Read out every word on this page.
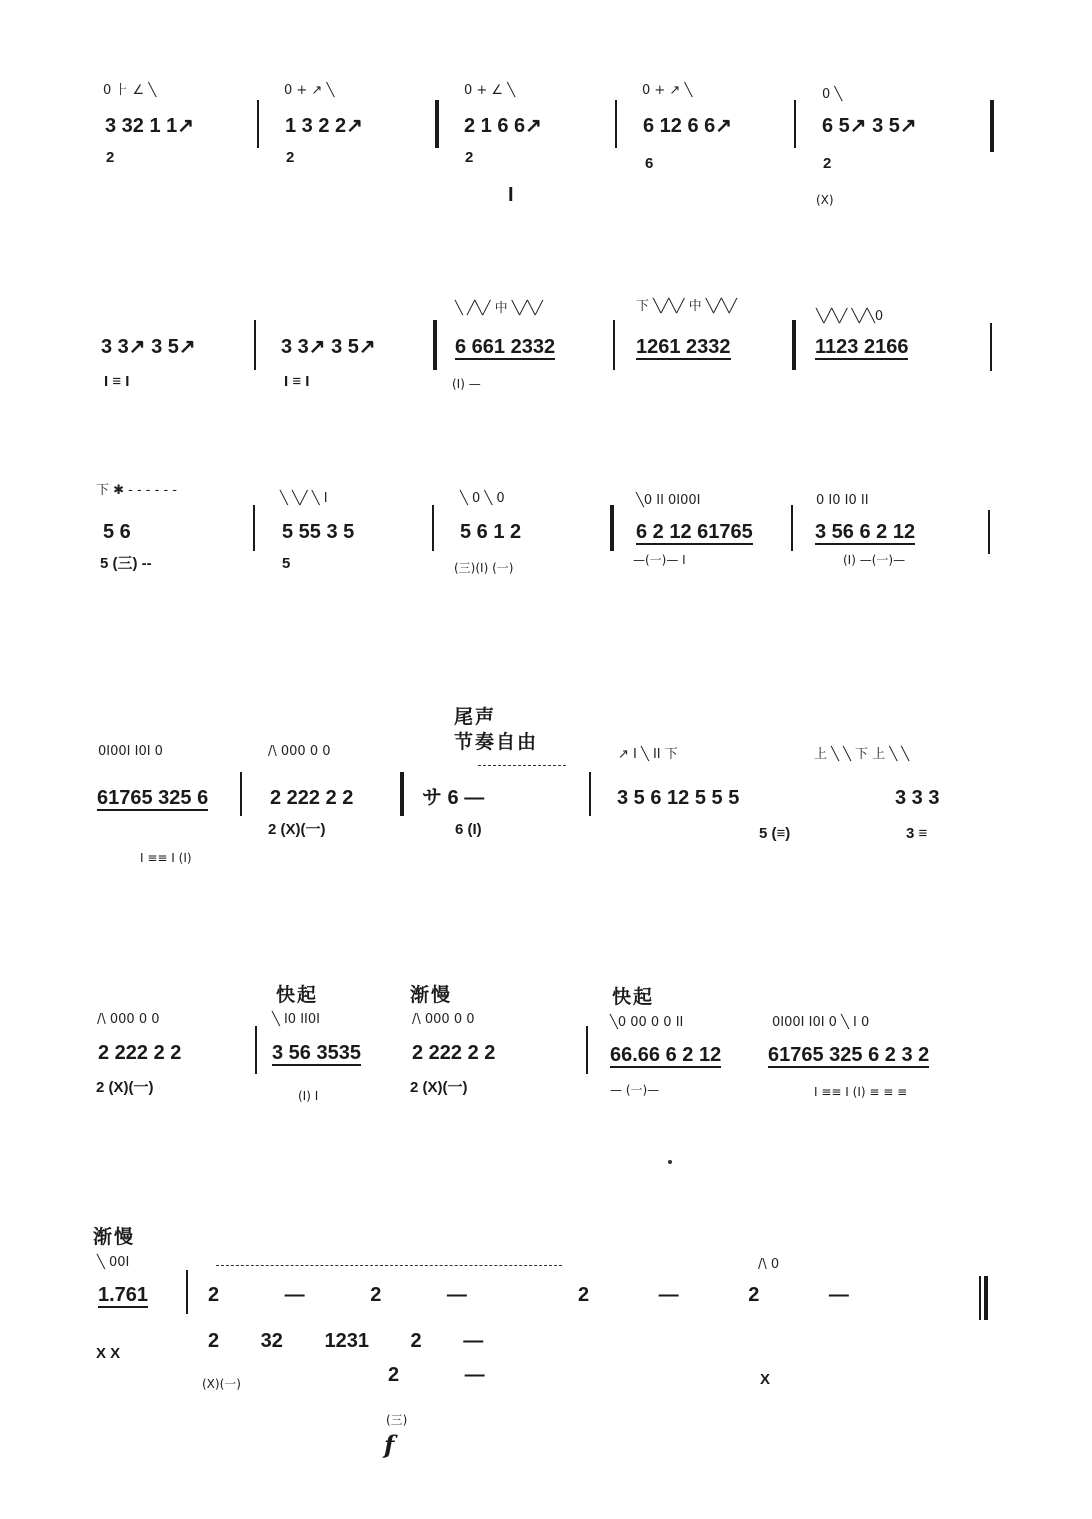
0 ⺊ ∠ ╲	0 + ↗ ╲	0 + ∠ ╲	0 + ↗ ╲	0 ╲
3 32 1 1↗	1 3 2 2↗	2 1 6 6↗	6 12 6 6↗	6 5↗ 3 5↗
2	2	2	6	2
(X)
I
╲ ╱╲╱ 中 ╲╱╲╱	下 ╲╱╲╱ 中 ╲╱╲╱
╲╱╲╱ ╲╱╲0
3 3↗ 3 5↗	3 3↗ 3 5↗	6 661 2332	1261 2332	1123 2166
I ≡ I	I ≡ I	(I) —
下 ✱ - - - - - -
╲ ╲╱ ╲ I	╲ 0 ╲ 0	╲0 II 0I00I	0 I0 I0 II
5 6	5 55 3 5	5 6 1 2	6 2 12 61765	3 56 6 2 12
5 (三) --	5	(三)(I) (一)
—(一)— I	(I) —(一)—
尾声
节奏自由
0I00I I0I 0	/\ 000 0 0	↗ I ╲ II 下	上 ╲ ╲ 下 上 ╲ ╲
61765 325 6	2 222 2 2	サ 6 —	3 5 6 12 5 5 5	3 3 3
I ≡≡ I (I)
2 (X)(一)	6 (I)	5 (≡)	3 ≡
快起	渐慢	快起
/\ 000 0 0	╲ I0 II0I	/\ 000 0 0	╲0 00 0 0 II	0I00I I0I 0 ╲ I 0
2 222 2 2	3 56 3535	2 222 2 2	66.66 6 2 12 61765 325 6 2 3 2
2 (X)(一)	(I) I	2 (X)(一)	— (一)—	I ≡≡ I (I) ≡ ≡ ≡
渐慢
╲ 00I	/\ 0
1.761	2 — 2 —	2 — 2 —
2 32 1231 2 —
2 —
X X
(X)(一)
(三)
f
X
